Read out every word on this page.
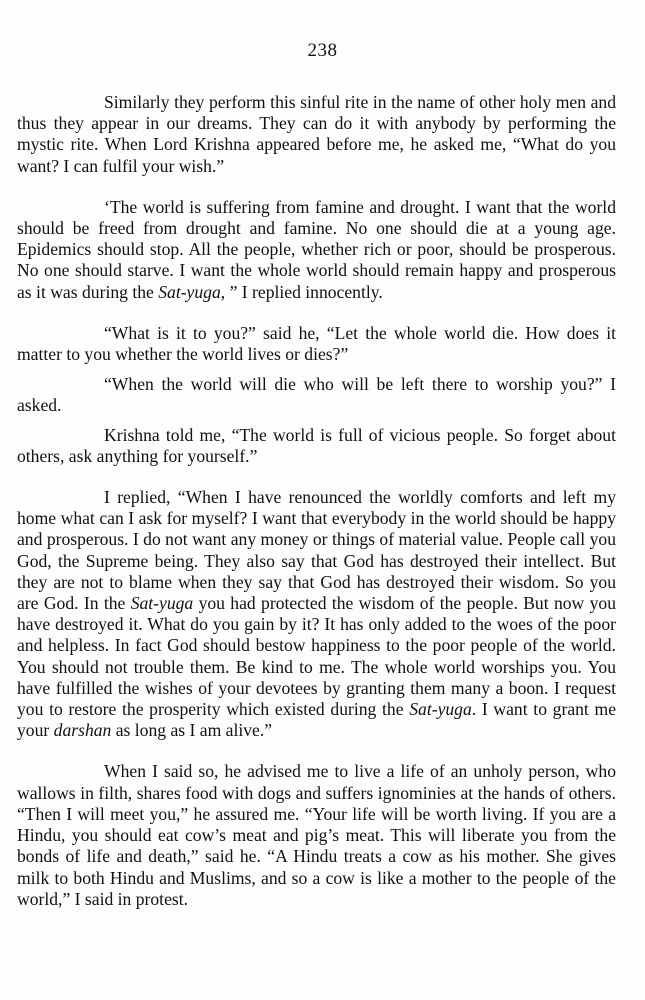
238

Similarly they perform this sinful rite in the name of other holy men and thus they appear in our dreams. They can do it with anybody by performing the mystic rite. When Lord Krishna appeared before me, he asked me, “What do you want? I can fulfil your wish.”

‘The world is suffering from famine and drought. I want that the world should be freed from drought and famine. No one should die at a young age. Epidemics should stop. All the people, whether rich or poor, should be prosperous. No one should starve. I want the whole world should remain happy and prosperous as it was during the Sat-yuga, ” I replied innocently.

“What is it to you?” said he, “Let the whole world die. How does it matter to you whether the world lives or dies?”

“When the world will die who will be left there to worship you?” I asked.

Krishna told me, “The world is full of vicious people. So forget about others, ask anything for yourself.”

I replied, “When I have renounced the worldly comforts and left my home what can I ask for myself? I want that everybody in the world should be happy and prosperous. I do not want any money or things of material value. People call you God, the Supreme being. They also say that God has destroyed their intellect. But they are not to blame when they say that God has destroyed their wisdom. So you are God. In the Sat-yuga you had protected the wisdom of the people. But now you have destroyed it. What do you gain by it? It has only added to the woes of the poor and helpless. In fact God should bestow happiness to the poor people of the world. You should not trouble them. Be kind to me. The whole world worships you. You have fulfilled the wishes of your devotees by granting them many a boon. I request you to restore the prosperity which existed during the Sat-yuga. I want to grant me your darshan as long as I am alive.”

When I said so, he advised me to live a life of an unholy person, who wallows in filth, shares food with dogs and suffers ignominies at the hands of others. “Then I will meet you,” he assured me. “Your life will be worth living. If you are a Hindu, you should eat cow’s meat and pig’s meat. This will liberate you from the bonds of life and death,” said he. “A Hindu treats a cow as his mother. She gives milk to both Hindu and Muslims, and so a cow is like a mother to the people of the world,” I said in protest.
